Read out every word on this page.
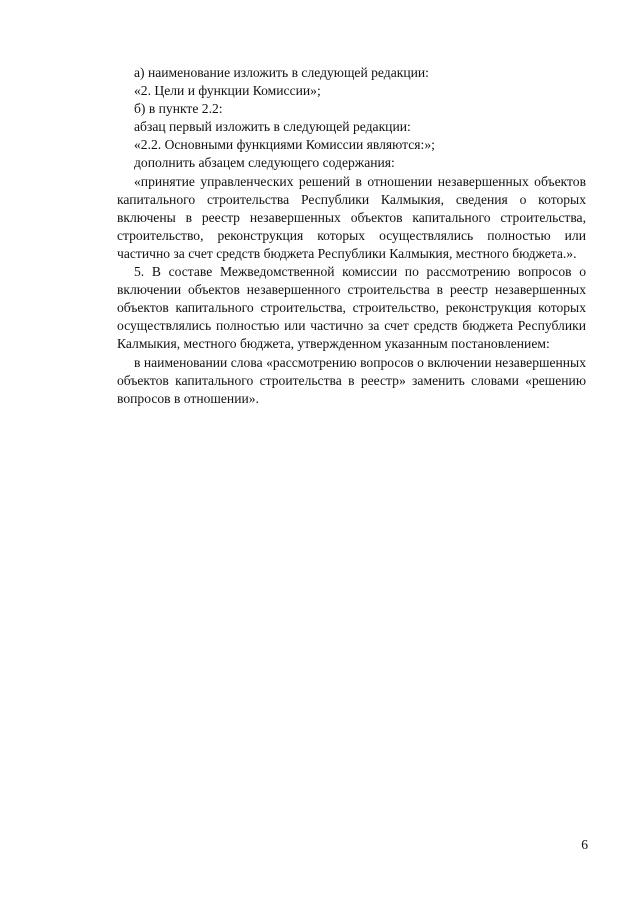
а) наименование изложить в следующей редакции:

«2. Цели и функции Комиссии»;

б) в пункте 2.2:

абзац первый изложить в следующей редакции:

«2.2. Основными функциями Комиссии являются:»;

дополнить абзацем следующего содержания:

«принятие управленческих решений в отношении незавершенных объектов капитального строительства Республики Калмыкия, сведения о которых включены в реестр незавершенных объектов капитального строительства, строительство, реконструкция которых осуществлялись полностью или частично за счет средств бюджета Республики Калмыкия, местного бюджета.».

5. В составе Межведомственной комиссии по рассмотрению вопросов о включении объектов незавершенного строительства в реестр незавершенных объектов капитального строительства, строительство, реконструкция которых осуществлялись полностью или частично за счет средств бюджета Республики Калмыкия, местного бюджета, утвержденном указанным постановлением:

в наименовании слова «рассмотрению вопросов о включении незавершенных объектов капитального строительства в реестр» заменить словами «решению вопросов в отношении».

6
